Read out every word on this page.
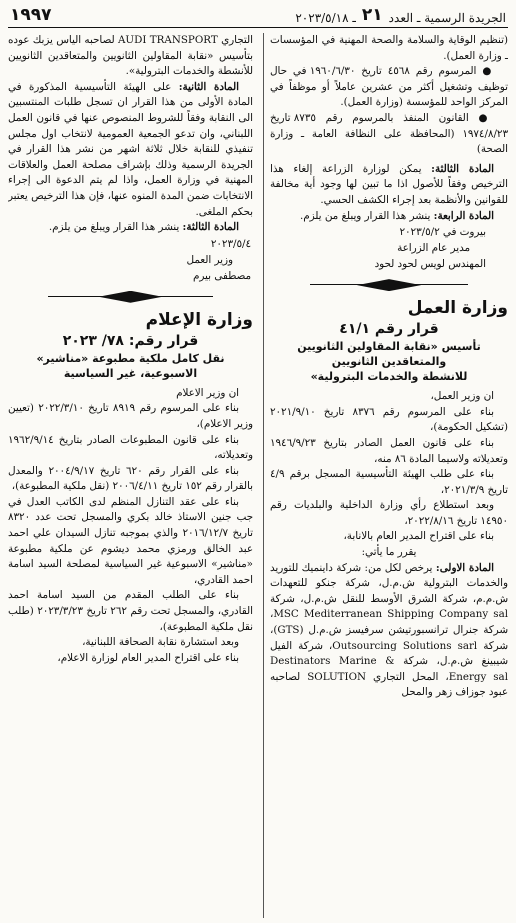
الجريدة الرسمية ـ العدد
٢١
ـ ٢٠٢٣/٥/١٨
١٩٩٧

(تنظيم الوقاية والسلامة والصحة المهنية في المؤسسات ـ وزارة العمل).

● المرسوم رقم ٤٥٦٨ تاريخ ١٩٦٠/٦/٣٠ في حال توظيف وتشغيل أكثر من عشرين عاملاً أو موظفاً في المركز الواحد للمؤسسة (وزارة العمل).

● القانون المنفذ بالمرسوم رقم ٨٧٣٥ تاريخ ١٩٧٤/٨/٢٣ (المحافظة على النظافة العامة ـ وزارة الصحة)

المادة الثالثة: يمكن لوزارة الزراعة إلغاء هذا الترخيص وفقاً للأصول اذا ما تبين لها وجود أية مخالفة للقوانين والأنظمة بعد إجراء الكشف الحسي.

المادة الرابعة: ينشر هذا القرار ويبلغ من يلزم.

بيروت في ٢٠٢٣/٥/٢
مدير عام الزراعة
المهندس لويس لحود لحود
وزارة العمل
قرار رقم ٤١/١
تأسيس «نقابة المقاولين الثانويين
والمتعاقدين الثانويين
للانشطة والخدمات البترولية»

ان وزير العمل،

بناء على المرسوم رقم ٨٣٧٦ تاريخ ٢٠٢١/٩/١٠ (تشكيل الحكومة)،

بناء على قانون العمل الصادر بتاريخ ١٩٤٦/٩/٢٣ وتعديلاته ولاسيما المادة ٨٦ منه،

بناء على طلب الهيئة التأسيسية المسجل برقم ٤/٩ تاريخ ٢٠٢١/٣/٩،

وبعد استطلاع رأي وزارة الداخلية والبلديات رقم ١٤٩٥٠ تاريخ ٢٠٢٢/٨/١٦،

بناء على اقتراح المدير العام بالانابة،

يقرر ما يأتي:

المادة الاولى: يرخص لكل من: شركة داينميك للتوريد والخدمات البترولية ش.م.ل، شركة جنكو للتعهدات ش.م.م، شركة الشرق الأوسط للنقل ش.م.ل، شركة MSC Mediterranean Shipping Company sal، شركة جنرال ترانسبورتيشن سرفيسز ش.م.ل (GTS)، شركة Outsourcing Solutions sarl، شركة الفيل شيبينغ ش.م.ل، شركة Destinators Marine & Energy sal، المحل التجاري SOLUTION لصاحبه عبود جوزاف زهر والمحل

التجاري AUDI TRANSPORT لصاحبه الياس يزبك عوده بتأسيس «نقابة المقاولين الثانويين والمتعاقدين الثانويين للأنشطة والخدمات البترولية».

المادة الثانية: على الهيئة التأسيسية المذكورة في المادة الأولى من هذا القرار ان تسجل طلبات المنتسبين الى النقابة وفقاً للشروط المنصوص عنها في قانون العمل اللبناني، وان تدعو الجمعية العمومية لانتخاب اول مجلس تنفيذي للنقابة خلال ثلاثة اشهر من نشر هذا القرار في الجريدة الرسمية وذلك بإشراف مصلحة العمل والعلاقات المهنية في وزارة العمل، واذا لم يتم الدعوة الى إجراء الانتخابات ضمن المدة المنوه عنها، فإن هذا الترخيص يعتبر بحكم الملغى.

المادة الثالثة: ينشر هذا القرار ويبلغ من يلزم.

٢٠٢٣/٥/٤
وزير العمل
مصطفى بيرم
وزارة الإعلام
قرار رقم: ٧٨/ ٢٠٢٣
نقل كامل ملكية مطبوعة «مناشير»
الاسبوعية، غير السياسية

ان وزير الاعلام

بناء على المرسوم رقم ٨٩١٩ تاريخ ٢٠٢٢/٣/١٠ (تعيين وزير الاعلام)،

بناء على قانون المطبوعات الصادر بتاريخ ١٩٦٢/٩/١٤ وتعديلاته،

بناء على القرار رقم ٦٢٠ تاريخ ٢٠٠٤/٩/١٧ والمعدل بالقرار رقم ١٥٢ تاريخ ٢٠٠٦/٤/١١ (نقل ملكية المطبوعة)،

بناء على عقد التنازل المنظم لدى الكاتب العدل في جب جنين الاستاذ خالد بكري والمسجل تحت عدد ٨٣٢٠ تاريخ ٢٠١٦/١٢/٧ والذي بموجبه تنازل السيدان علي احمد عبد الخالق ورمزي محمد ديشوم عن ملكية مطبوعة «مناشير» الاسبوعية غير السياسية لمصلحة السيد اسامة احمد القادري،

بناء على الطلب المقدم من السيد اسامة احمد القادري، والمسجل تحت رقم ٢٦٢ تاريخ ٢٠٢٣/٣/٢٣ (طلب نقل ملكية المطبوعة)،

وبعد استشارة نقابة الصحافة اللبنانية،

بناء على اقتراح المدير العام لوزارة الاعلام،
